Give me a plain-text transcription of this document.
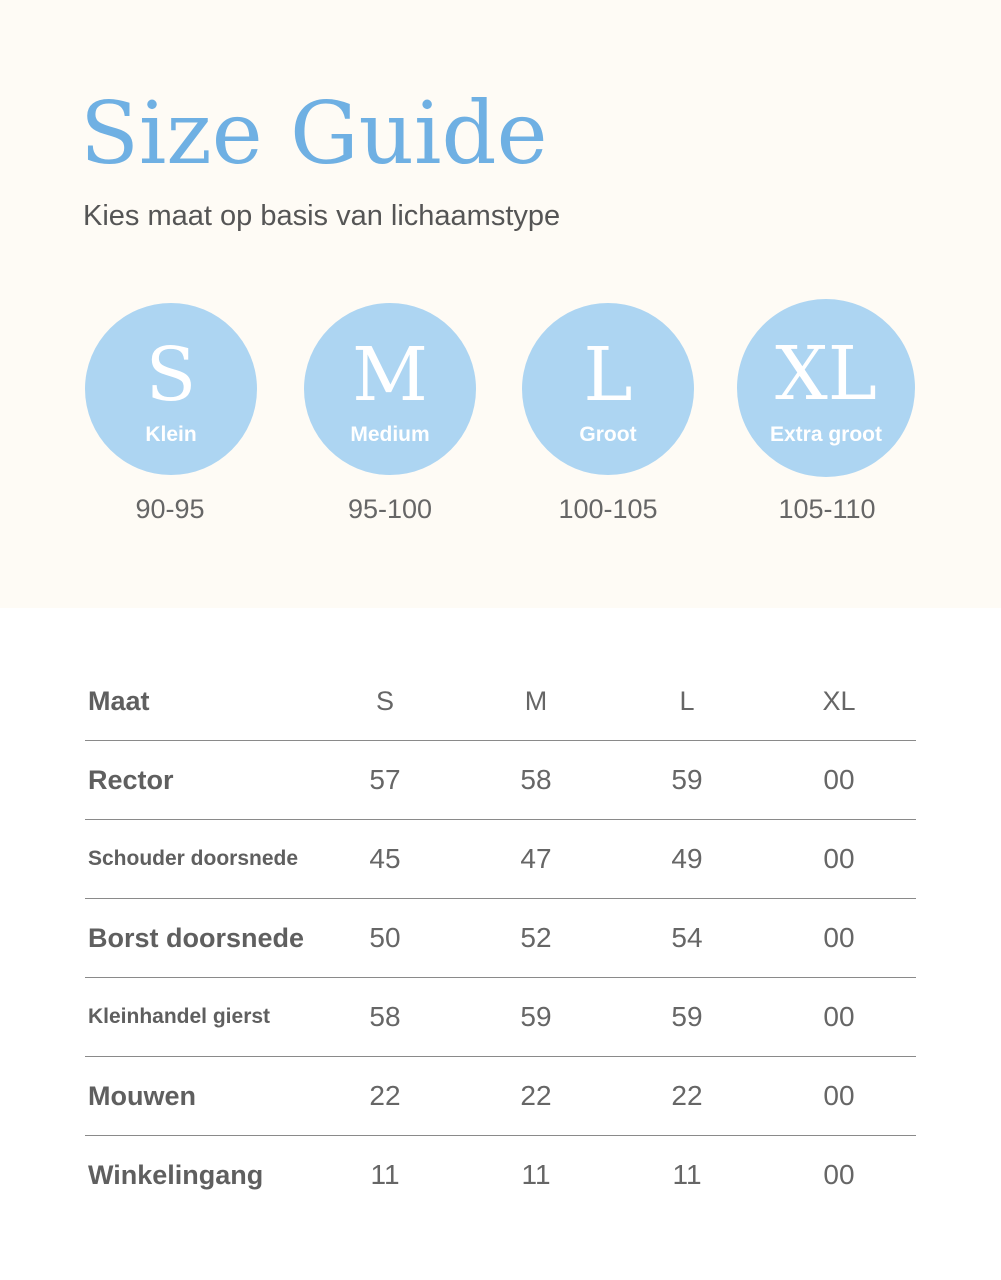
Size Guide
Kies maat op basis van lichaamstype
S
Klein
M
Medium
L
Groot
XL
Extra groot
90-95	95-100	100-105	105-110
Maat	S	M	L	XL
Rector	57	58	59	00
Schouder doorsnede	45	47	49	00
Borst doorsnede	50	52	54	00
Kleinhandel gierst	58	59	59	00
Mouwen	22	22	22	00
Winkelingang	11	11	11	00
